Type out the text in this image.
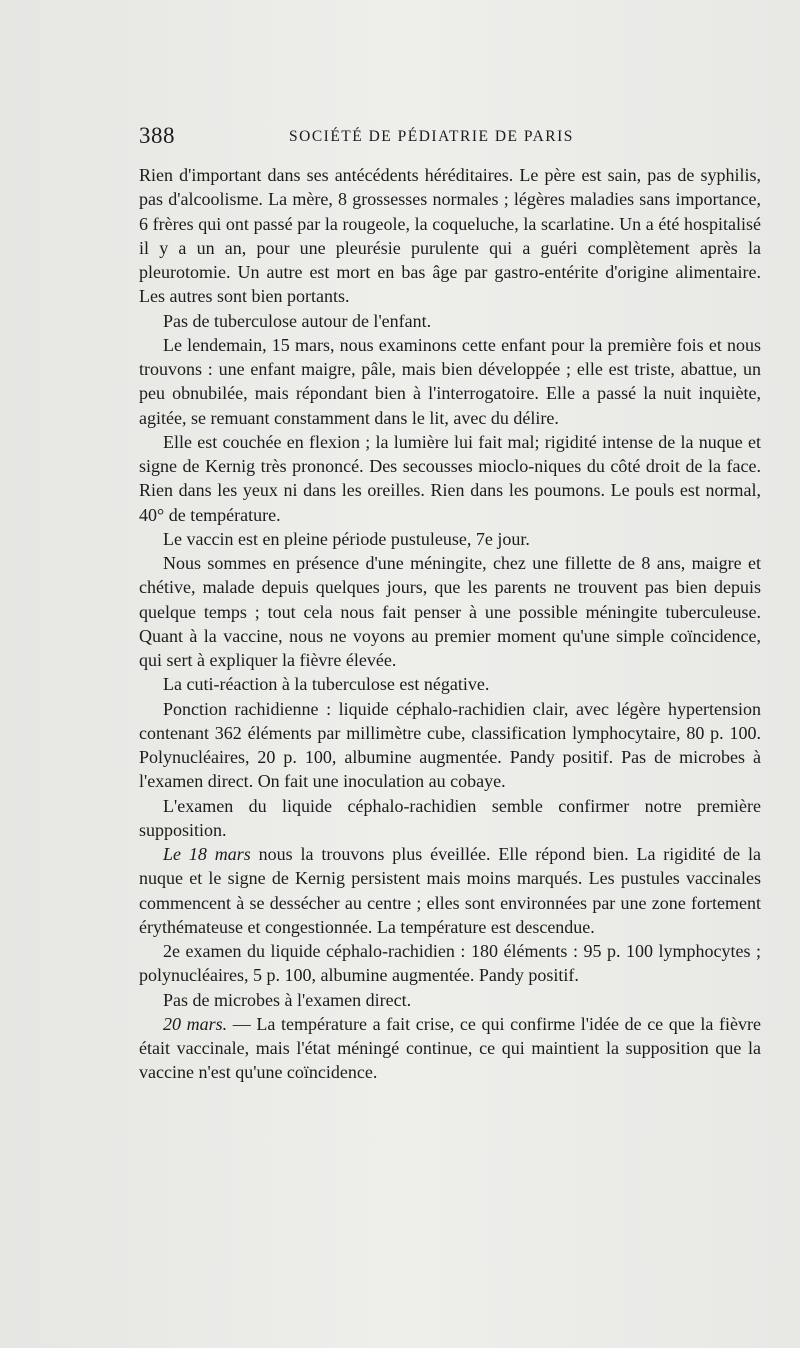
388	SOCIÉTÉ DE PÉDIATRIE DE PARIS

Rien d'important dans ses antécédents héréditaires. Le père est sain, pas de syphilis, pas d'alcoolisme. La mère, 8 grossesses normales ; légères maladies sans importance, 6 frères qui ont passé par la rougeole, la coqueluche, la scarlatine. Un a été hospitalisé il y a un an, pour une pleurésie purulente qui a guéri complètement après la pleurotomie. Un autre est mort en bas âge par gastro-entérite d'origine alimentaire. Les autres sont bien portants.

Pas de tuberculose autour de l'enfant.

Le lendemain, 15 mars, nous examinons cette enfant pour la première fois et nous trouvons : une enfant maigre, pâle, mais bien développée ; elle est triste, abattue, un peu obnubilée, mais répondant bien à l'interrogatoire. Elle a passé la nuit inquiète, agitée, se remuant constamment dans le lit, avec du délire.

Elle est couchée en flexion ; la lumière lui fait mal; rigidité intense de la nuque et signe de Kernig très prononcé. Des secousses mioclo-niques du côté droit de la face. Rien dans les yeux ni dans les oreilles. Rien dans les poumons. Le pouls est normal, 40° de température.

Le vaccin est en pleine période pustuleuse, 7e jour.

Nous sommes en présence d'une méningite, chez une fillette de 8 ans, maigre et chétive, malade depuis quelques jours, que les parents ne trouvent pas bien depuis quelque temps ; tout cela nous fait penser à une possible méningite tuberculeuse. Quant à la vaccine, nous ne voyons au premier moment qu'une simple coïncidence, qui sert à expliquer la fièvre élevée.

La cuti-réaction à la tuberculose est négative.

Ponction rachidienne : liquide céphalo-rachidien clair, avec légère hypertension contenant 362 éléments par millimètre cube, classification lymphocytaire, 80 p. 100. Polynucléaires, 20 p. 100, albumine augmentée. Pandy positif. Pas de microbes à l'examen direct. On fait une inoculation au cobaye.

L'examen du liquide céphalo-rachidien semble confirmer notre première supposition.

Le 18 mars nous la trouvons plus éveillée. Elle répond bien. La rigidité de la nuque et le signe de Kernig persistent mais moins marqués. Les pustules vaccinales commencent à se dessécher au centre ; elles sont environnées par une zone fortement érythémateuse et congestionnée. La température est descendue.

2e examen du liquide céphalo-rachidien : 180 éléments : 95 p. 100 lymphocytes ; polynucléaires, 5 p. 100, albumine augmentée. Pandy positif.

Pas de microbes à l'examen direct.

20 mars. — La température a fait crise, ce qui confirme l'idée de ce que la fièvre était vaccinale, mais l'état méningé continue, ce qui maintient la supposition que la vaccine n'est qu'une coïncidence.
